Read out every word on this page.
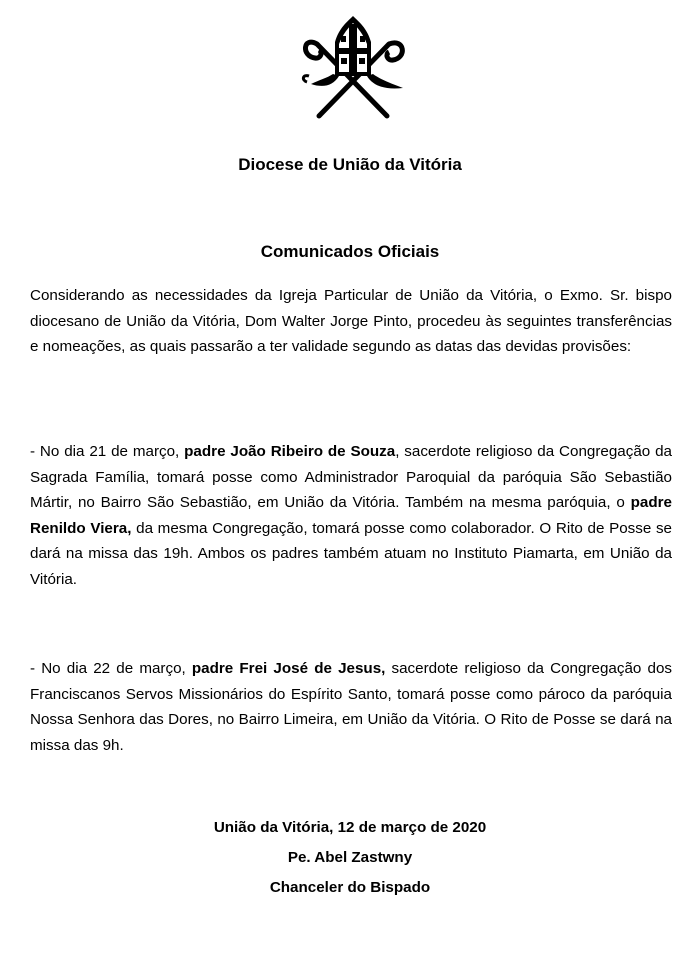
Diocese de União da Vitória
Comunicados Oficiais
Considerando as necessidades da Igreja Particular de União da Vitória, o Exmo. Sr. bispo diocesano de União da Vitória, Dom Walter Jorge Pinto, procedeu às seguintes transferências e nomeações, as quais passarão a ter validade segundo as datas das devidas provisões:
- No dia 21 de março, padre João Ribeiro de Souza, sacerdote religioso da Congregação da Sagrada Família, tomará posse como Administrador Paroquial da paróquia São Sebastião Mártir, no Bairro São Sebastião, em União da Vitória. Também na mesma paróquia, o padre Renildo Viera, da mesma Congregação, tomará posse como colaborador. O Rito de Posse se dará na missa das 19h. Ambos os padres também atuam no Instituto Piamarta, em União da Vitória.
- No dia 22 de março, padre Frei José de Jesus, sacerdote religioso da Congregação dos Franciscanos Servos Missionários do Espírito Santo, tomará posse como pároco da paróquia Nossa Senhora das Dores, no Bairro Limeira, em União da Vitória. O Rito de Posse se dará na missa das 9h.
União da Vitória, 12 de março de 2020
Pe. Abel Zastwny
Chanceler do Bispado
